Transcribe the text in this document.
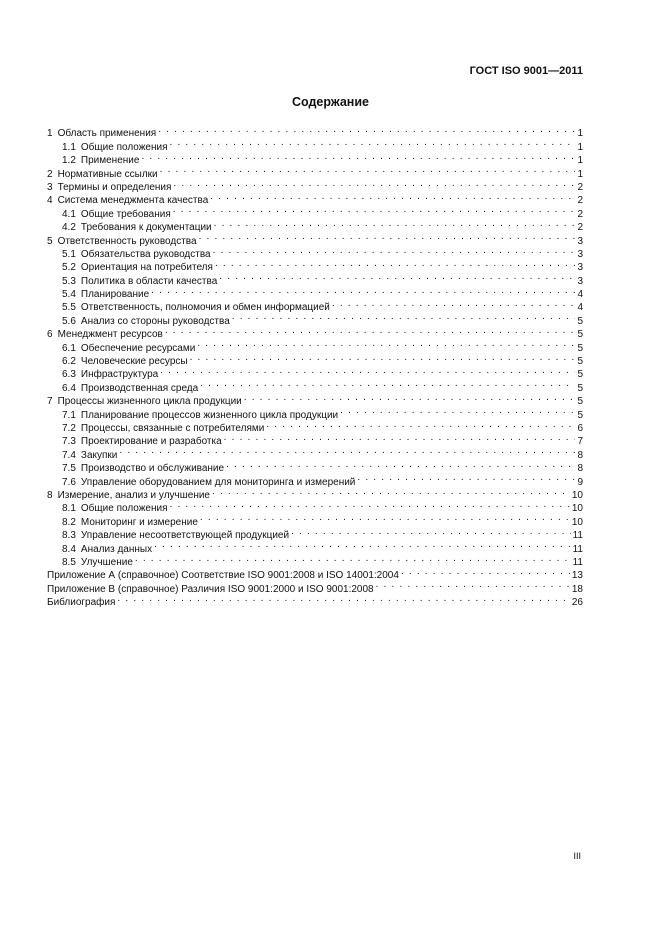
ГОСТ ISO 9001—2011
Содержание
1 Область применения . . .	1
1.1 Общие положения . . .	1
1.2 Применение . . .	1
2 Нормативные ссылки . . .	1
3 Термины и определения . . .	2
4 Система менеджмента качества . . .	2
4.1 Общие требования . . .	2
4.2 Требования к документации . . .	2
5 Ответственность руководства . . .	3
5.1 Обязательства руководства . . .	3
5.2 Ориентация на потребителя . . .	3
5.3 Политика в области качества . . .	3
5.4 Планирование . . .	4
5.5 Ответственность, полномочия и обмен информацией . . .	4
5.6 Анализ со стороны руководства . . .	5
6 Менеджмент ресурсов . . .	5
6.1 Обеспечение ресурсами . . .	5
6.2 Человеческие ресурсы . . .	5
6.3 Инфраструктура . . .	5
6.4 Производственная среда . . .	5
7 Процессы жизненного цикла продукции . . .	5
7.1 Планирование процессов жизненного цикла продукции . . .	5
7.2 Процессы, связанные с потребителями . . .	6
7.3 Проектирование и разработка . . .	7
7.4 Закупки . . .	8
7.5 Производство и обслуживание . . .	8
7.6 Управление оборудованием для мониторинга и измерений . . .	9
8 Измерение, анализ и улучшение . . .	10
8.1 Общие положения . . .	10
8.2 Мониторинг и измерение . . .	10
8.3 Управление несоответствующей продукцией . . .	11
8.4 Анализ данных . . .	11
8.5 Улучшение . . .	11
Приложение А (справочное) Соответствие ISO 9001:2008 и ISO 14001:2004 . . .	13
Приложение В (справочное) Различия ISO 9001:2000 и ISO 9001:2008 . . .	18
Библиография . . .	26
III
